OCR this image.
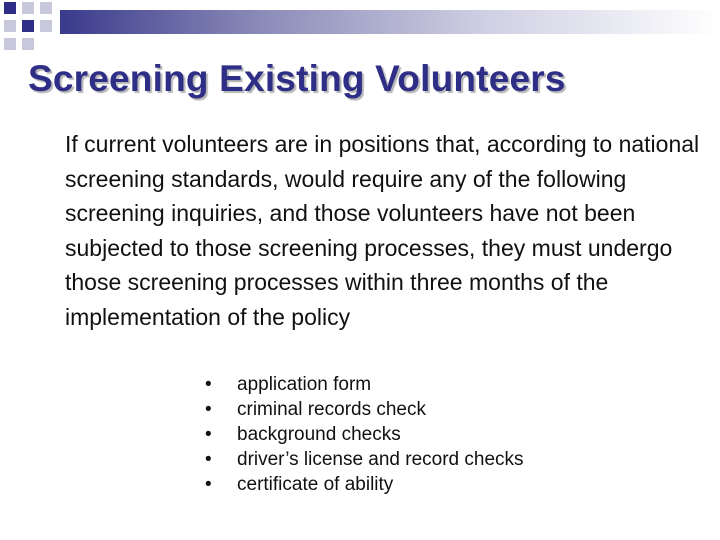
Screening Existing Volunteers

If current volunteers are in positions that, according to national screening standards, would require any of the following screening inquiries, and those volunteers have not been subjected to those screening processes, they must undergo those screening processes within three months of the implementation of the policy

• application form
• criminal records check
• background checks
• driver’s license and record checks
• certificate of ability
